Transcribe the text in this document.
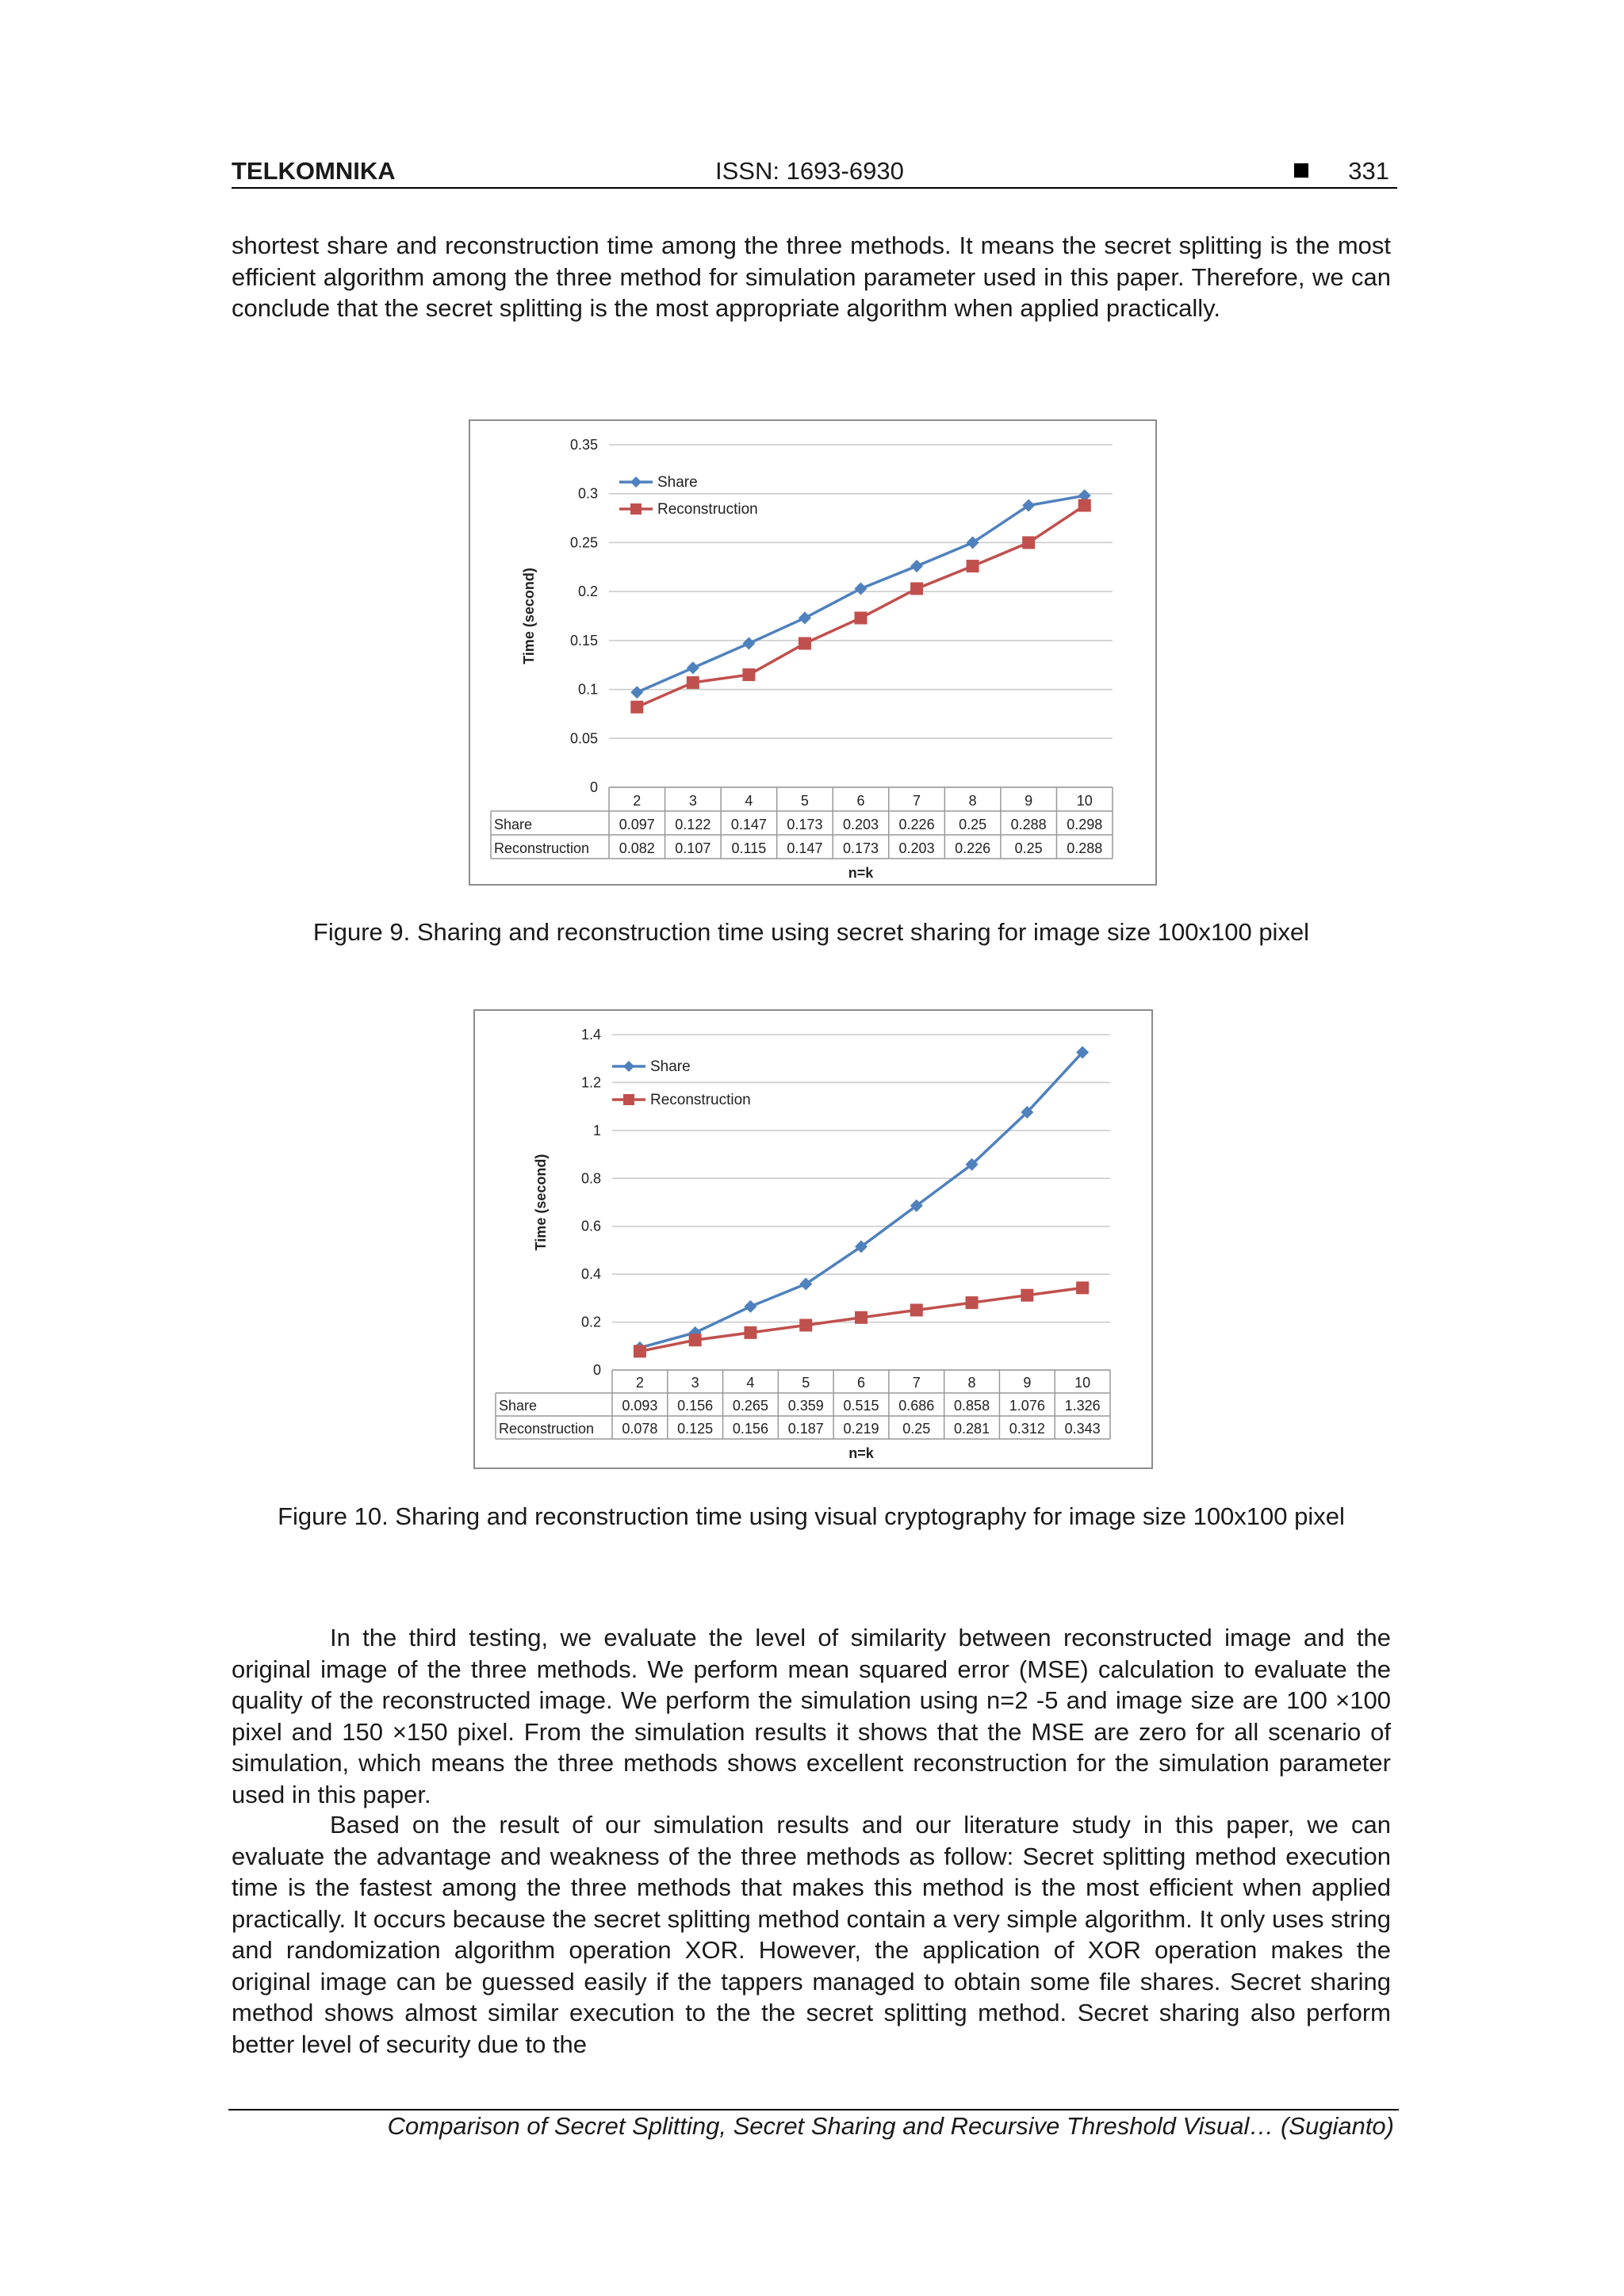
TELKOMNIKA	ISSN: 1693-6930	331

shortest share and reconstruction time among the three methods. It means the secret splitting is the most efficient algorithm among the three method for simulation parameter used in this paper. Therefore, we can conclude that the secret splitting is the most appropriate algorithm when applied practically.

0
0.05
0.1
0.15
0.2
0.25
0.3
0.35
Time (second)
2	3	4	5	6	7	8	9	10
Share	0.097 0.122 0.147 0.173 0.203 0.226 0.25 0.288 0.298
Reconstruction 0.082 0.107 0.115 0.147 0.173 0.203 0.226 0.25 0.288
n=k
Share
Reconstruction
Figure 9. Sharing and reconstruction time using secret sharing for image size 100x100 pixel
0
0.2
0.4
0.6
0.8
1
1.2
1.4
Time (second)
2	3	4	5	6	7	8	9	10
Share	0.093 0.156 0.265 0.359 0.515 0.686 0.858 1.076 1.326
Reconstruction 0.078 0.125 0.156 0.187 0.219 0.25 0.281 0.312 0.343
n=k
Share
Reconstruction
Figure 10. Sharing and reconstruction time using visual cryptography for image size 100x100 pixel

In the third testing, we evaluate the level of similarity between reconstructed image and the original image of the three methods. We perform mean squared error (MSE) calculation to evaluate the quality of the reconstructed image. We perform the simulation using n=2 -5 and image size are 100 ×100 pixel and 150 ×150 pixel. From the simulation results it shows that the MSE are zero for all scenario of simulation, which means the three methods shows excellent reconstruction for the simulation parameter used in this paper.

Based on the result of our simulation results and our literature study in this paper, we can evaluate the advantage and weakness of the three methods as follow: Secret splitting method execution time is the fastest among the three methods that makes this method is the most efficient when applied practically. It occurs because the secret splitting method contain a very simple algorithm. It only uses string and randomization algorithm operation XOR. However, the application of XOR operation makes the original image can be guessed easily if the tappers managed to obtain some file shares. Secret sharing method shows almost similar execution to the the secret splitting method. Secret sharing also perform better level of security due to the

Comparison of Secret Splitting, Secret Sharing and Recursive Threshold Visual… (Sugianto)
